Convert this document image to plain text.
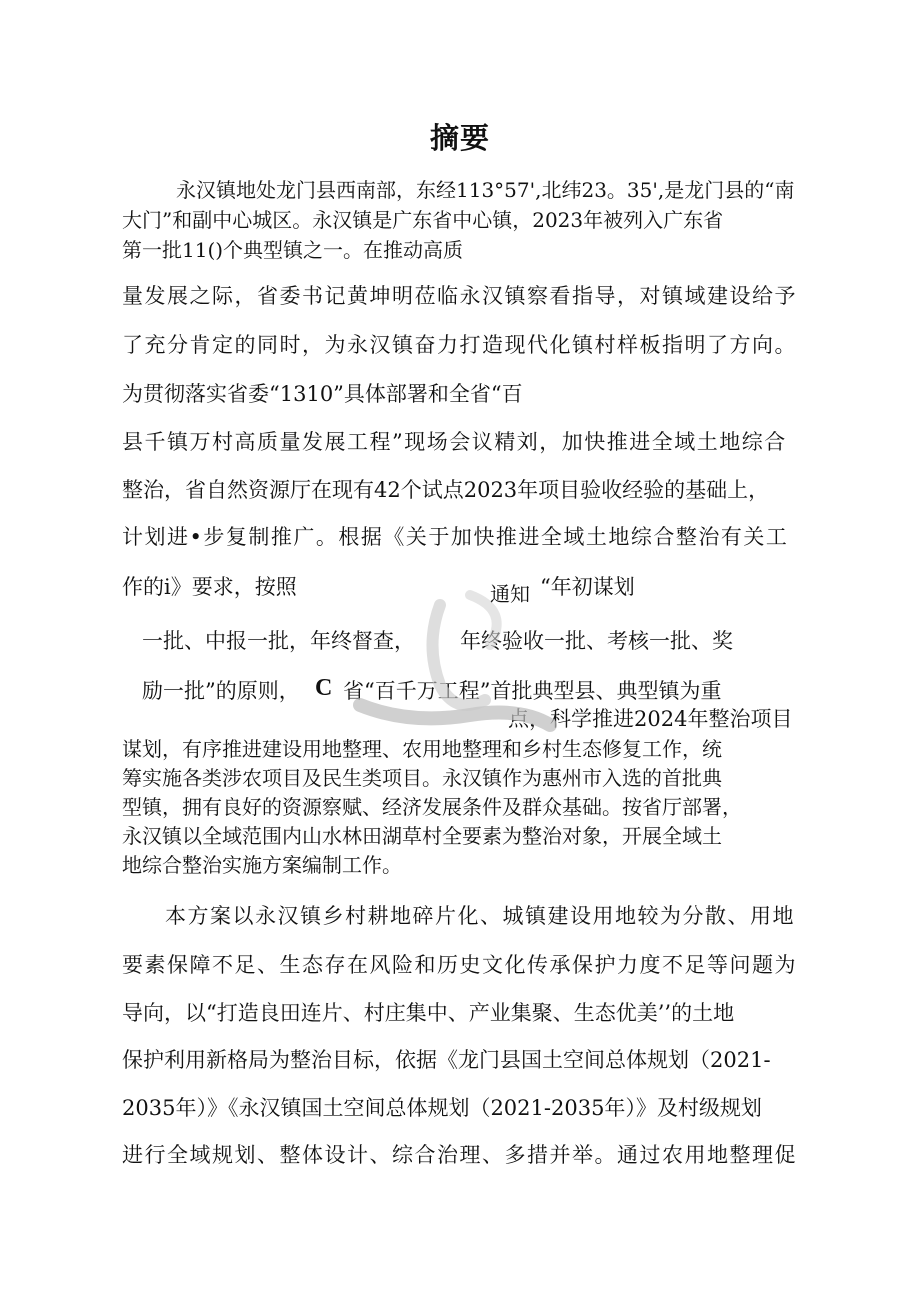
摘要
永汉镇地处龙门县西南部，东经113°57',北纬23。35',是龙门县的“南
大门”和副中心城区。永汉镇是广东省中心镇，2023年被列入广东省
第一批11()个典型镇之一。在推动高质
量发展之际，省委书记黄坤明莅临永汉镇察看指导，对镇域建设给予
了充分肯定的同时，为永汉镇奋力打造现代化镇村样板指明了方向。
为贯彻落实省委“1310”具体部署和全省“百
县千镇万村高质量发展工程”现场会议精刘，加快推进全域土地综合
整治，省自然资源厅在现有42个试点2023年项目验收经验的基础上，
计划进•步复制推广。根据《关于加快推进全域土地综合整治有关工
作的i》要求，按照	“年初谋划
一批、中报一批，年终督查， 年终验收一批、考核一批、奖
励一批”的原则， 省“百千万工程”首批典型县、典型镇为重
点，科学推进2024年整治项目
谋划，有序推进建设用地整理、农用地整理和乡村生态修复工作，统
筹实施各类涉农项目及民生类项目。永汉镇作为惠州市入选的首批典
型镇，拥有良好的资源察赋、经济发展条件及群众基础。按省厅部署，
永汉镇以全域范围内山水林田湖草村全要素为整治对象，开展全域土
地综合整治实施方案编制工作。
本方案以永汉镇乡村耕地碎片化、城镇建设用地较为分散、用地
要素保障不足、生态存在风险和历史文化传承保护力度不足等问题为
导向，以“打造良田连片、村庄集中、产业集聚、生态优美’’的土地
保护利用新格局为整治目标，依据《龙门县国土空间总体规划（2021-
2035年）》《永汉镇国土空间总体规划（2021-2035年）》及村级规划
进行全域规划、整体设计、综合治理、多措并举。通过农用地整理促
通知
C
